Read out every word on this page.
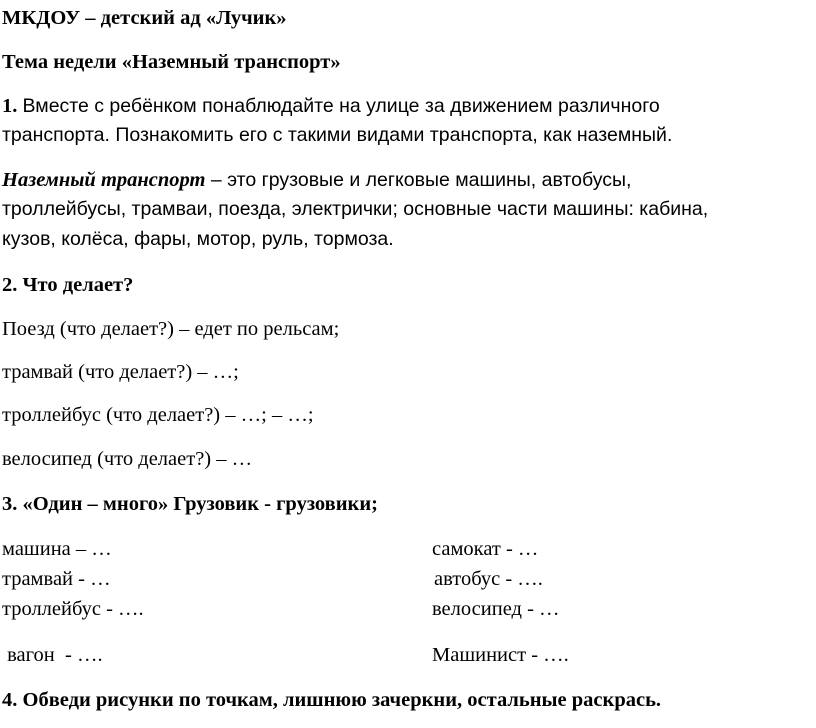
МКДОУ – детский ад «Лучик»
Тема недели «Наземный транспорт»
1. Вместе с ребёнком понаблюдайте на улице за движением различного
транспорта. Познакомить его с такими видами транспорта, как наземный.
Наземный транспорт – это грузовые и легковые машины, автобусы,
троллейбусы, трамваи, поезда, электрички; основные части машины: кабина,
кузов, колёса, фары, мотор, руль, тормоза.
2. Что делает?
Поезд (что делает?) – едет по рельсам;
трамвай (что делает?) – …;
троллейбус (что делает?) – …; – …;
велосипед (что делает?) – …
3. «Один – много» Грузовик - грузовики;
машина – …	самокат - …
трамвай - …	автобус - ….
троллейбус - ….	велосипед - …
вагон  - ….	Машинист - ….
4. Обведи рисунки по точкам, лишнюю зачеркни, остальные раскрась.
